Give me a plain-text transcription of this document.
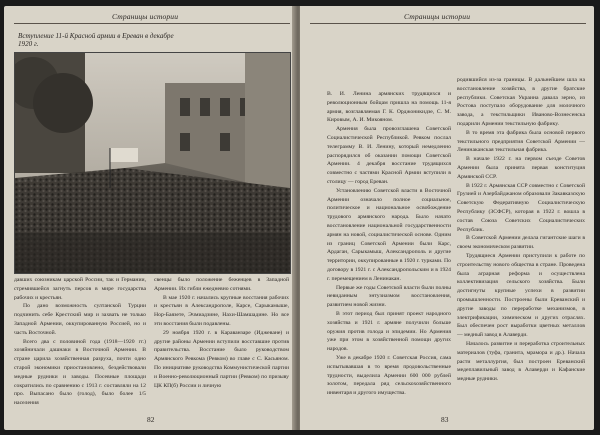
Страницы истории
Вступление 11-й Красной армии в Ереван в декабре 1920 г.

давших союзникам царской России, так и Германии, стремившейся загнуть персов в мире государства рабочих и крестьян.

По дано возможность султанской Турции подчинить себе Крестский мир и захвать не только Западной Армении, оккупированную Россией, но и часть Восточной.

Всего два с половиной года (1918—1920 гг.) хозяйничали дашнаки в Восточной Армении. В стране царила хозяйственная разруха, почти одно старой экономики приостановлено, бездействовали медные рудники и заводы. Посевные площади сократились по сравнению с 1913 г. составляли на 12 про. Выпасано было (голод), было более 1/5 населения

свенцы было положение беженцев в Западной Армении. Их гибли ежедневно сотнями.

В мае 1920 г. начались крупные восстания рабочих и крестьян в Александрополе, Карсе, Сарыкамыше, Нор-Баязете, Эчмиадзине, Нахи-Шамшадине. Но все эти восстания были подавлены.

29 ноября 1920 г. в Караванзаре (Иджеване) и другие районы Армении вступили восставшие против правительства. Восстание было руководством Армянского Ревкома (Ревком) во главе с С. Касьяном. По инициативе руководства Коммунистической партии и Военно-революционный партии (Ревком) по призыву ЦК КП(б) России и личную

82
Страницы истории

В. И. Ленина армянских трудящихся и революционным бойцам пришла на помощь 11-я армия, возглавляемая Г. К. Орджоникидзе, С. М. Кировым, А. И. Микояном.

Армения была провозглашена Советской Социалистической Республикой. Ревком послал телеграмму В. И. Ленину, который немедленно распорядился об оказании помощи Советской Армении. 4 декабря восстание трудящихся совместно с частями Красной Армии вступили в столицу — город Ереван.

Установлению Советской власти в Восточной Армении означало полное социальное, политическое и национальное освобождение трудового армянского народа. Было начато восстановление национальной государственности армян на новой, социалистической основе. Одним из границ Советской Армении были Карс, Ардаган, Сарыкамыш, Александрополь и другие территории, оккупированные в 1920 г. турками. По договору в 1921 г. с Александропольским и в 1924 г. перемещением в Ленинакан.

Первые же годы Советской власти были полны невиданным энтузиазмом восстановления, развитием новой жизни.

В этот период был принят проект народного хозяйства и 1921 г. армяне получили больше оружия против голода и эпидемии. Но Армения уже при этом в хозяйственной помощи других народов.

Уже в декабре 1920 г. Советская Россия, сама испытывавшая в то время продовольственные трудности, выделила Армении 600 000 рублей золотом, передала ряд сельскохозяйственного инвентаря и другого имущества.

родившийся из-за границы. В дальнейшем шла на восстановление хозяйства, в другие братские республики. Советская Украина давала зерно, из Ростова поступало оборудование для молочного завода, а текстильщики Иваново-Вознесенска подарили Армении текстильную фабрику.

В то время эта фабрика была основой первого текстильного предприятия Советской Армении — Ленинаканская текстильная фабрика.

В начале 1922 г. на первом съезде Советов Армении была принята первая конституция Армянской ССР.

В 1922 г. Армянская ССР совместно с Советской Грузией и Азербайджаном образовали Закавказскую Советскую Федеративную Социалистическую Республику (ЗСФСР), которая в 1922 г. вошла в состав Союза Советских Социалистических Республик.

В Советской Армении делала гигантские шаги в своем экономическом развитии.

Трудящиеся Армении приступили к работе по строительству нового общества в стране. Проведена была аграрная реформа и осуществлена коллективизация сельского хозяйства. Были достигнуты крупные успехи в развитии промышленности. Построены были Ереванский и другие заводы по переработке механизмов, в электрификации, химическом и других отраслях. Был обеспечен рост выработки цветных металлов — медный завод в Алаверди.

Началось развитие и переработка строительных материалов (туфа, гранита, мрамора и др.). Начала расти металлургия, был построен Ереванский медеплавильный завод в Алаверди и Кафанские медные рудники.

83
